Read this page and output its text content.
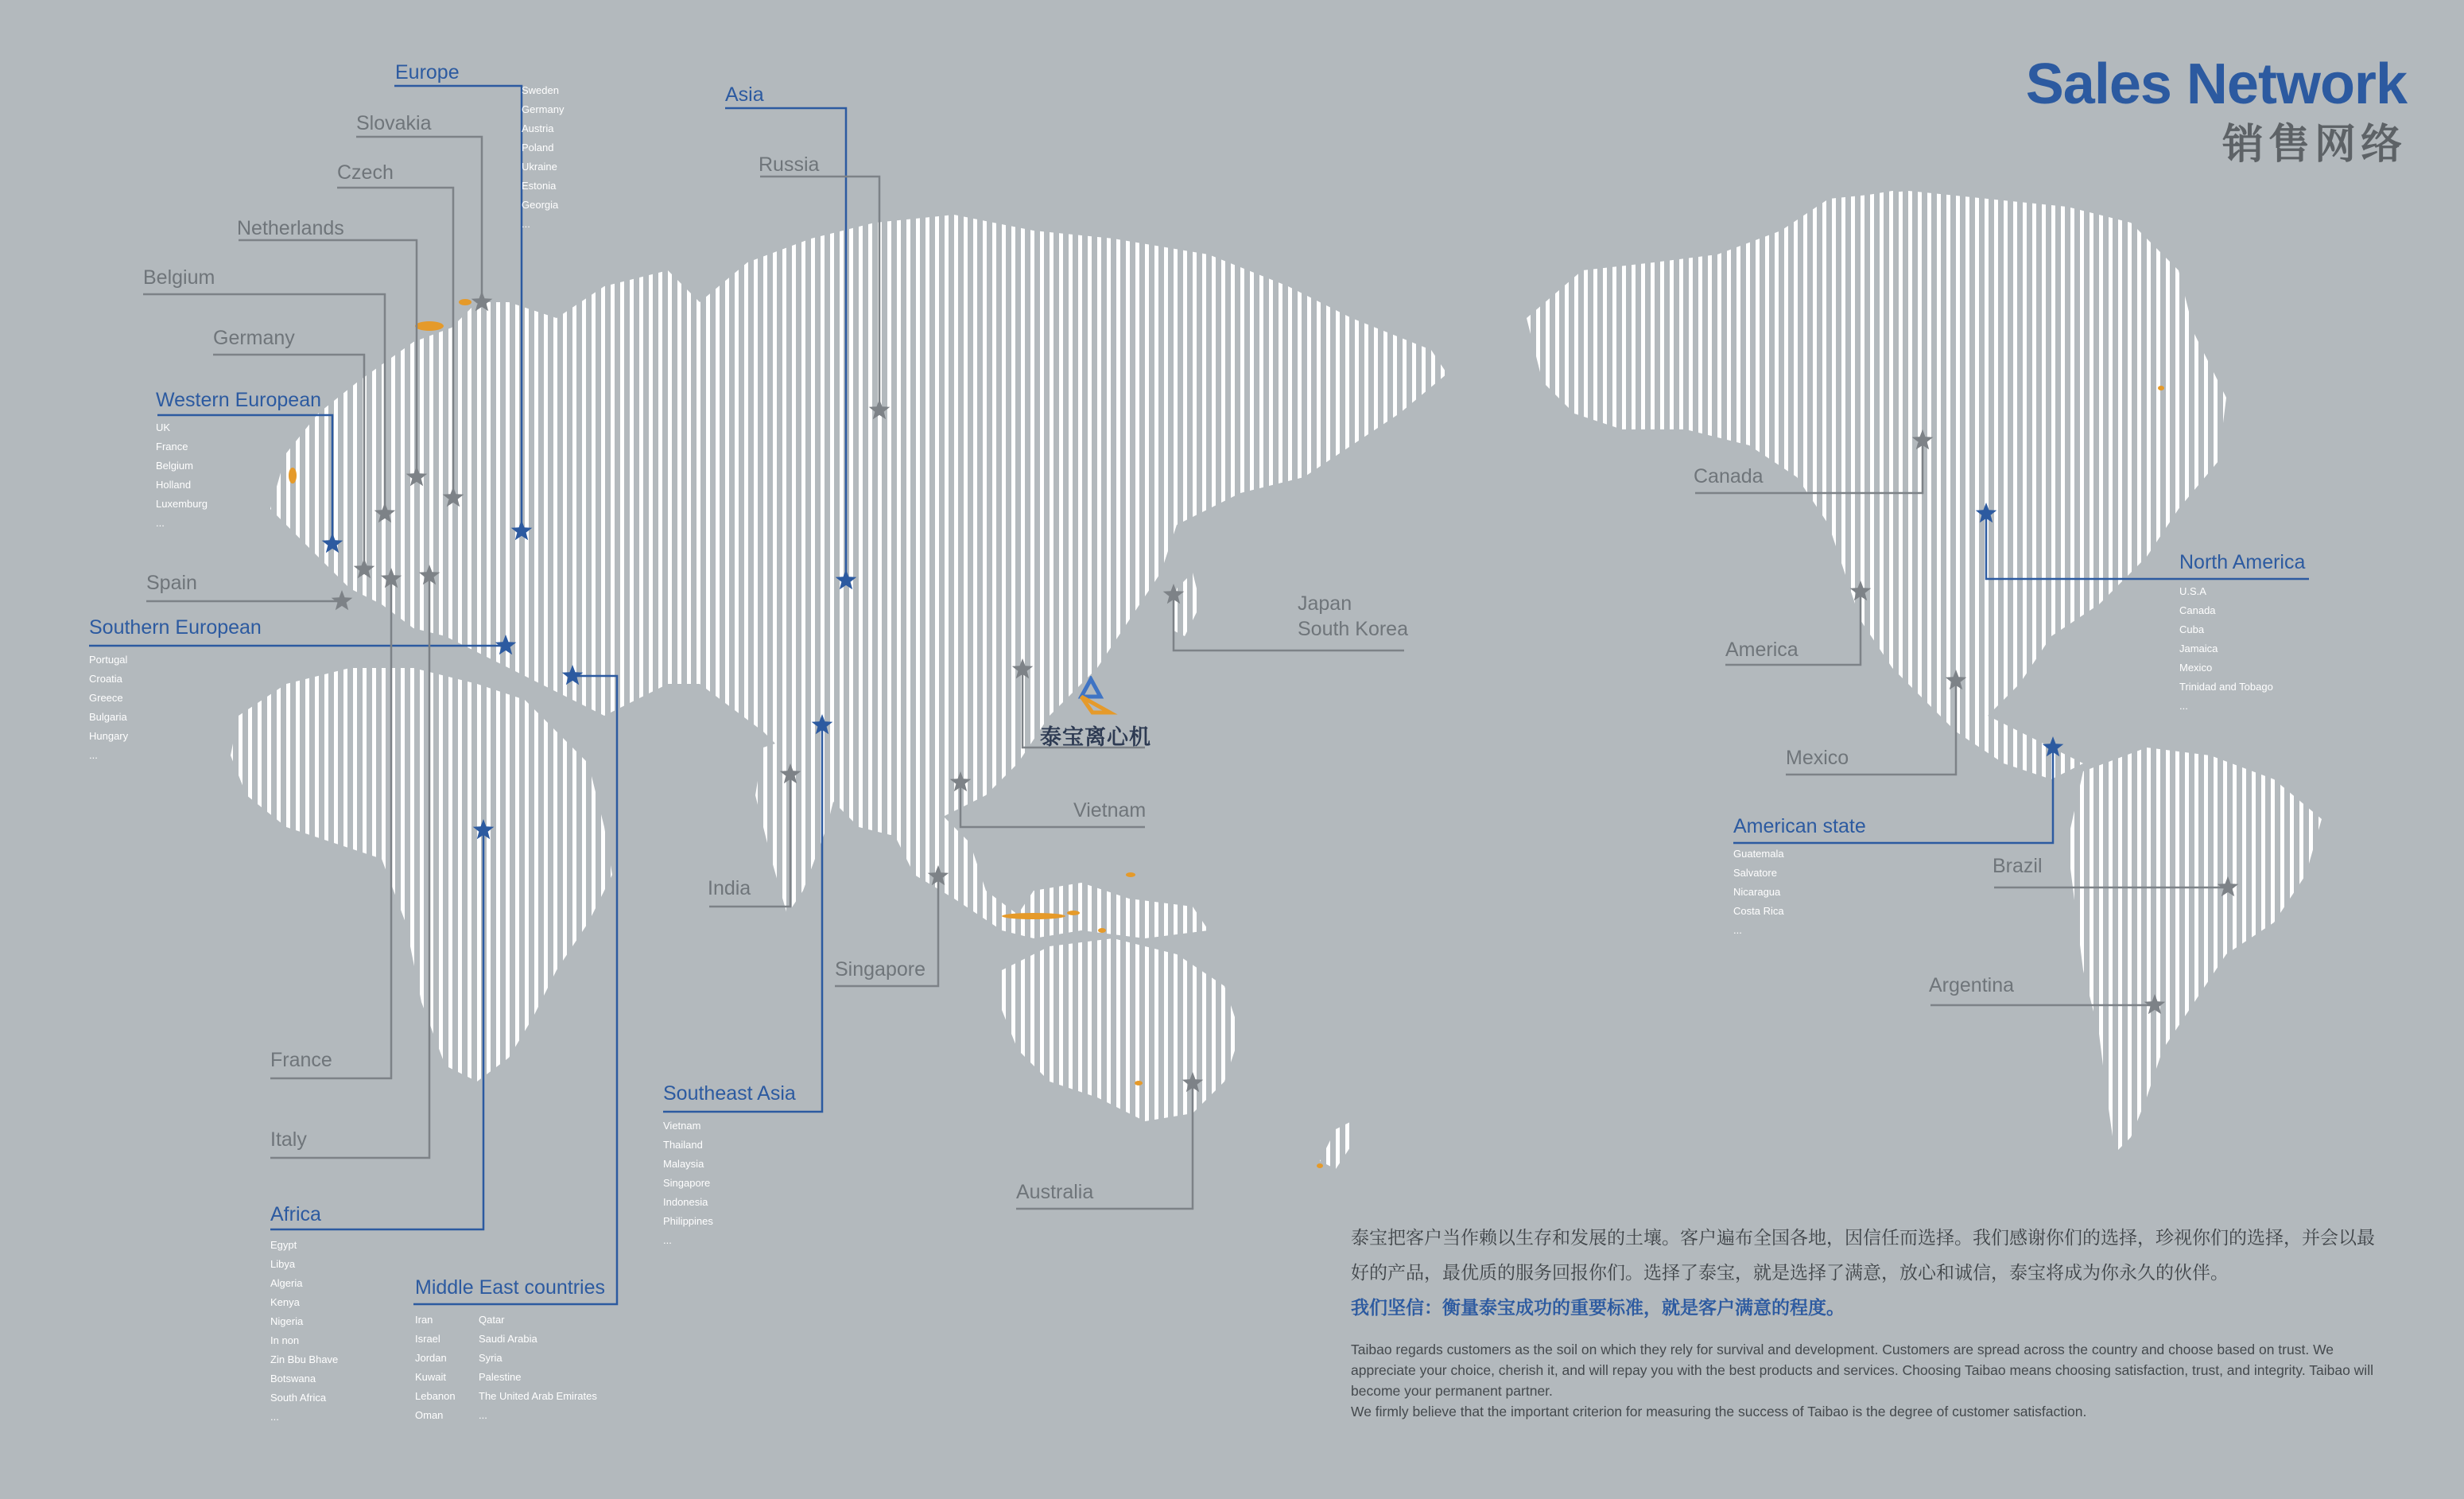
Sales Network
销售网络
泰宝离心机
Europe
Sweden
Germany
Austria
Poland
Ukraine
Estonia
Georgia
...
Western European
UK
France
Belgium
Holland
Luxemburg
...
Southern European
Portugal
Croatia
Greece
Bulgaria
Hungary
...
Asia
Southeast Asia
Vietnam
Thailand
Malaysia
Singapore
Indonesia
Philippines
...
Africa
Egypt
Libya
Algeria
Kenya
Nigeria
In non
Zin Bbu Bhave
Botswana
South Africa
...
Middle East countries
Iran
Israel
Jordan
Kuwait
Lebanon
Oman
Qatar
Saudi Arabia
Syria
Palestine
The United Arab Emirates
...
North America
U.S.A
Canada
Cuba
Jamaica
Mexico
Trinidad and Tobago
...
American state
Guatemala
Salvatore
Nicaragua
Costa Rica
...
Slovakia
Czech
Netherlands
Belgium
Germany
Spain
France
Italy
Russia
Japan
South Korea
Vietnam
India
Singapore
Australia
Canada
America
Mexico
Brazil
Argentina
泰宝把客户当作赖以生存和发展的土壤。客户遍布全国各地，因信任而选择。我们感谢你们的选择，珍视你们的选择，并会以最好的产品，最优质的服务回报你们。选择了泰宝，就是选择了满意，放心和诚信，泰宝将成为你永久的伙伴。
我们坚信：衡量泰宝成功的重要标准，就是客户满意的程度。
Taibao regards customers as the soil on which they rely for survival and development. Customers are spread across the country and choose based on trust. We appreciate your choice, cherish it, and will repay you with the best products and services. Choosing Taibao means choosing satisfaction, trust, and integrity. Taibao will become your permanent partner.
We firmly believe that the important criterion for measuring the success of Taibao is the degree of customer satisfaction.
